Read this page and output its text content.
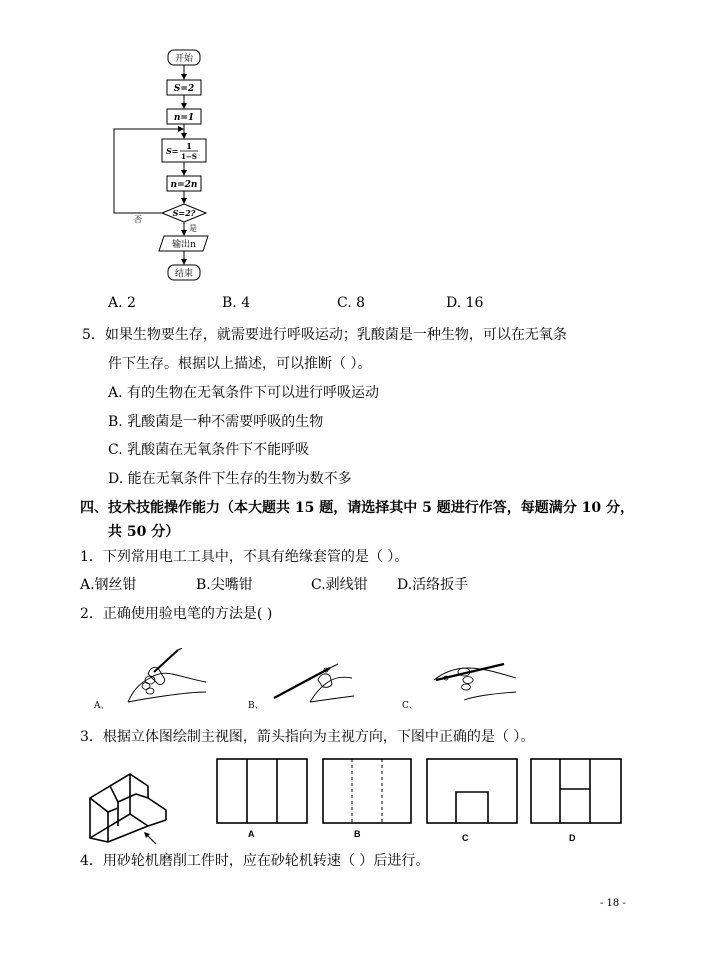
开始
S=2
n=1
S= 1
1−S
n=2n
S=2?
否
是
输出n
结束
A. 2	B. 4	C. 8	D. 16
5．如果生物要生存，就需要进行呼吸运动；乳酸菌是一种生物，可以在无氧条
件下生存。根据以上描述，可以推断（ ）。
A. 有的生物在无氧条件下可以进行呼吸运动
B. 乳酸菌是一种不需要呼吸的生物
C. 乳酸菌在无氧条件下不能呼吸
D. 能在无氧条件下生存的生物为数不多
四、技术技能操作能力（本大题共 15 题，请选择其中 5 题进行作答，每题满分 10 分，
共 50 分）
1．下列常用电工工具中，不具有绝缘套管的是（ ）。
A.钢丝钳	B.尖嘴钳	C.剥线钳 D.活络扳手
2．正确使用验电笔的方法是( )
A、	B、	C、
3．根据立体图绘制主视图，箭头指向为主视方向，下图中正确的是（ ）。
A	B	C	D
4．用砂轮机磨削工件时，应在砂轮机转速（ ）后进行。
- 18 -
